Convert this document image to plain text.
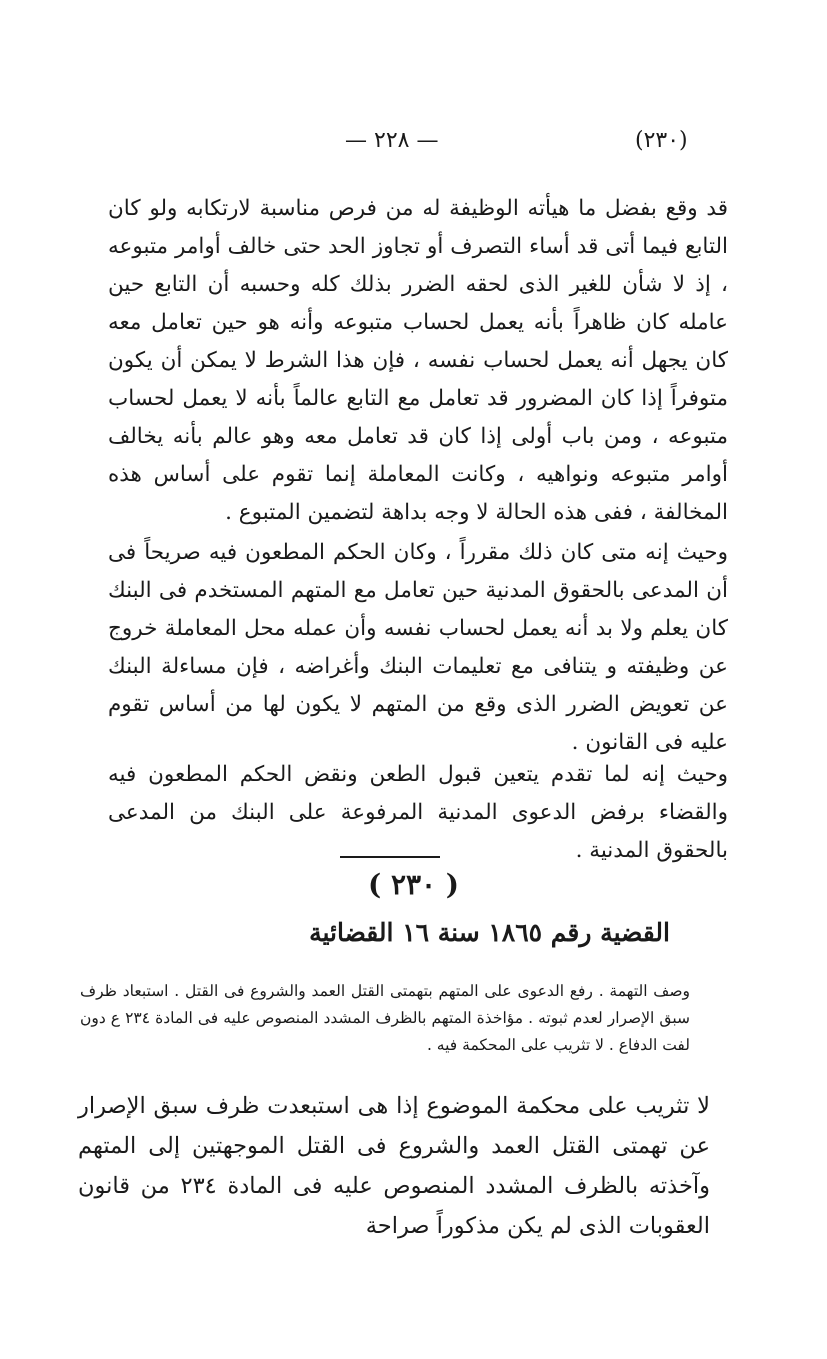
— ٢٢٨ —	(٢٣٠)

قد وقع بفضل ما هيأته الوظيفة له من فرص مناسبة لارتكابه ولو كان التابع فيما أتى قد أساء التصرف أو تجاوز الحد حتى خالف أوامر متبوعه ، إذ لا شأن للغير الذى لحقه الضرر بذلك كله وحسبه أن التابع حين عامله كان ظاهراً بأنه يعمل لحساب متبوعه وأنه هو حين تعامل معه كان يجهل أنه يعمل لحساب نفسه ، فإن هذا الشرط لا يمكن أن يكون متوفراً إذا كان المضرور قد تعامل مع التابع عالماً بأنه لا يعمل لحساب متبوعه ، ومن باب أولى إذا كان قد تعامل معه وهو عالم بأنه يخالف أوامر متبوعه ونواهيه ، وكانت المعاملة إنما تقوم على أساس هذه المخالفة ، ففى هذه الحالة لا وجه بداهة لتضمين المتبوع .

وحيث إنه متى كان ذلك مقرراً ، وكان الحكم المطعون فيه صريحاً فى أن المدعى بالحقوق المدنية حين تعامل مع المتهم المستخدم فى البنك كان يعلم ولا بد أنه يعمل لحساب نفسه وأن عمله محل المعاملة خروج عن وظيفته و يتنافى مع تعليمات البنك وأغراضه ، فإن مساءلة البنك عن تعويض الضرر الذى وقع من المتهم لا يكون لها من أساس تقوم عليه فى القانون .

وحيث إنه لما تقدم يتعين قبول الطعن ونقض الحكم المطعون فيه والقضاء برفض الدعوى المدنية المرفوعة على البنك من المدعى بالحقوق المدنية .

( ٢٣٠ )
القضية رقم ١٨٦٥ سنة ١٦ القضائية

وصف التهمة . رفع الدعوى على المتهم بتهمتى القتل العمد والشروع فى القتل . استبعاد ظرف سبق الإصرار لعدم ثبوته . مؤاخذة المتهم بالظرف المشدد المنصوص عليه فى المادة ٢٣٤ ع دون لفت الدفاع . لا تثريب على المحكمة فيه .

لا تثريب على محكمة الموضوع إذا هى استبعدت ظرف سبق الإصرار عن تهمتى القتل العمد والشروع فى القتل الموجهتين إلى المتهم وآخذته بالظرف المشدد المنصوص عليه فى المادة ٢٣٤ من قانون العقوبات الذى لم يكن مذكوراً صراحة
